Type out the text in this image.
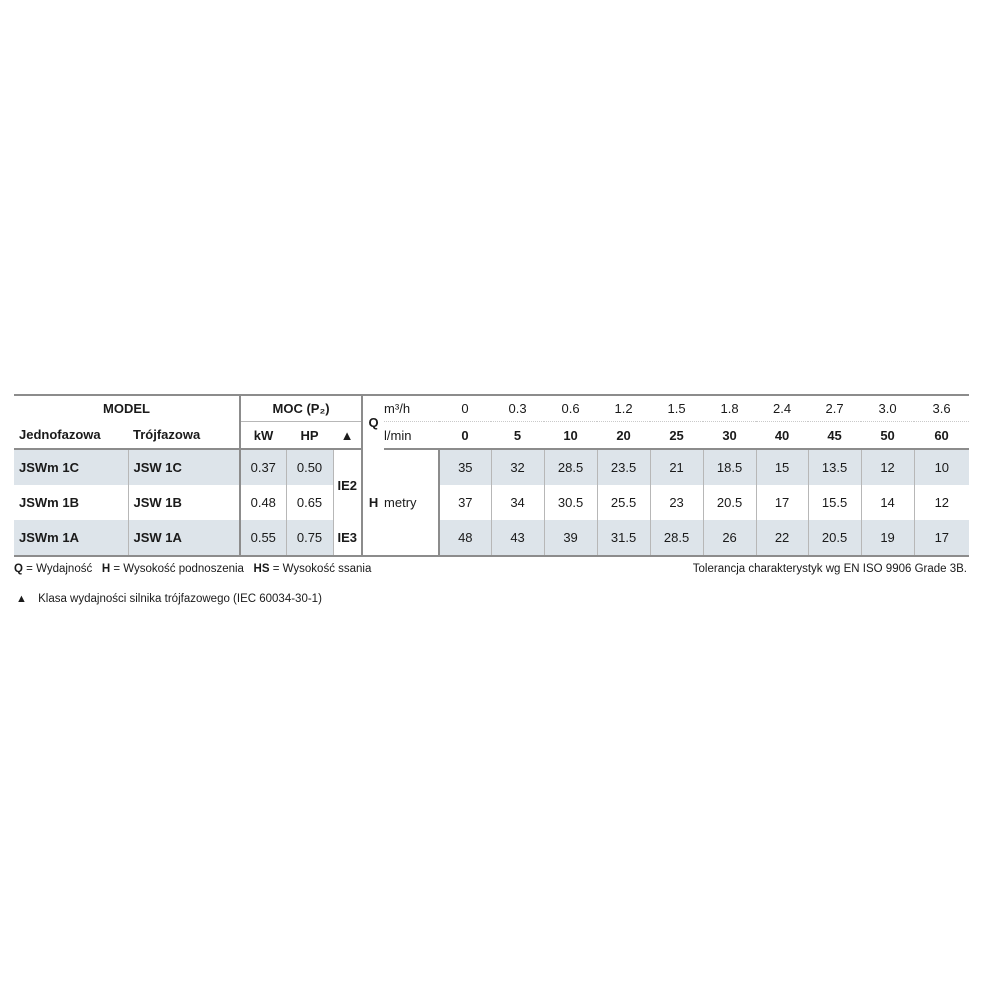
MODEL		MOC (P₂)			Q	m³/h	0	0.3	0.6	1.2	1.5	1.8	2.4	2.7	3.0	3.6
Jednofazowa	Trójfazowa	kW	HP	▲		l/min	0	5	10	20	25	30	40	45	50	60
JSWm 1C	JSW 1C	0.37	0.50	IE2	H	metry	35	32	28.5	23.5	21	18.5	15	13.5	12	10
JSWm 1B	JSW 1B	0.48	0.65				37	34	30.5	25.5	23	20.5	17	15.5	14	12
JSWm 1A	JSW 1A	0.55	0.75	IE3			48	43	39	31.5	28.5	26	22	20.5	19	17
Q = Wydajność H = Wysokość podnoszenia HS = Wysokość ssania	Tolerancja charakterystyk wg EN ISO 9906 Grade 3B.
▲ Klasa wydajności silnika trójfazowego (IEC 60034-30-1)
